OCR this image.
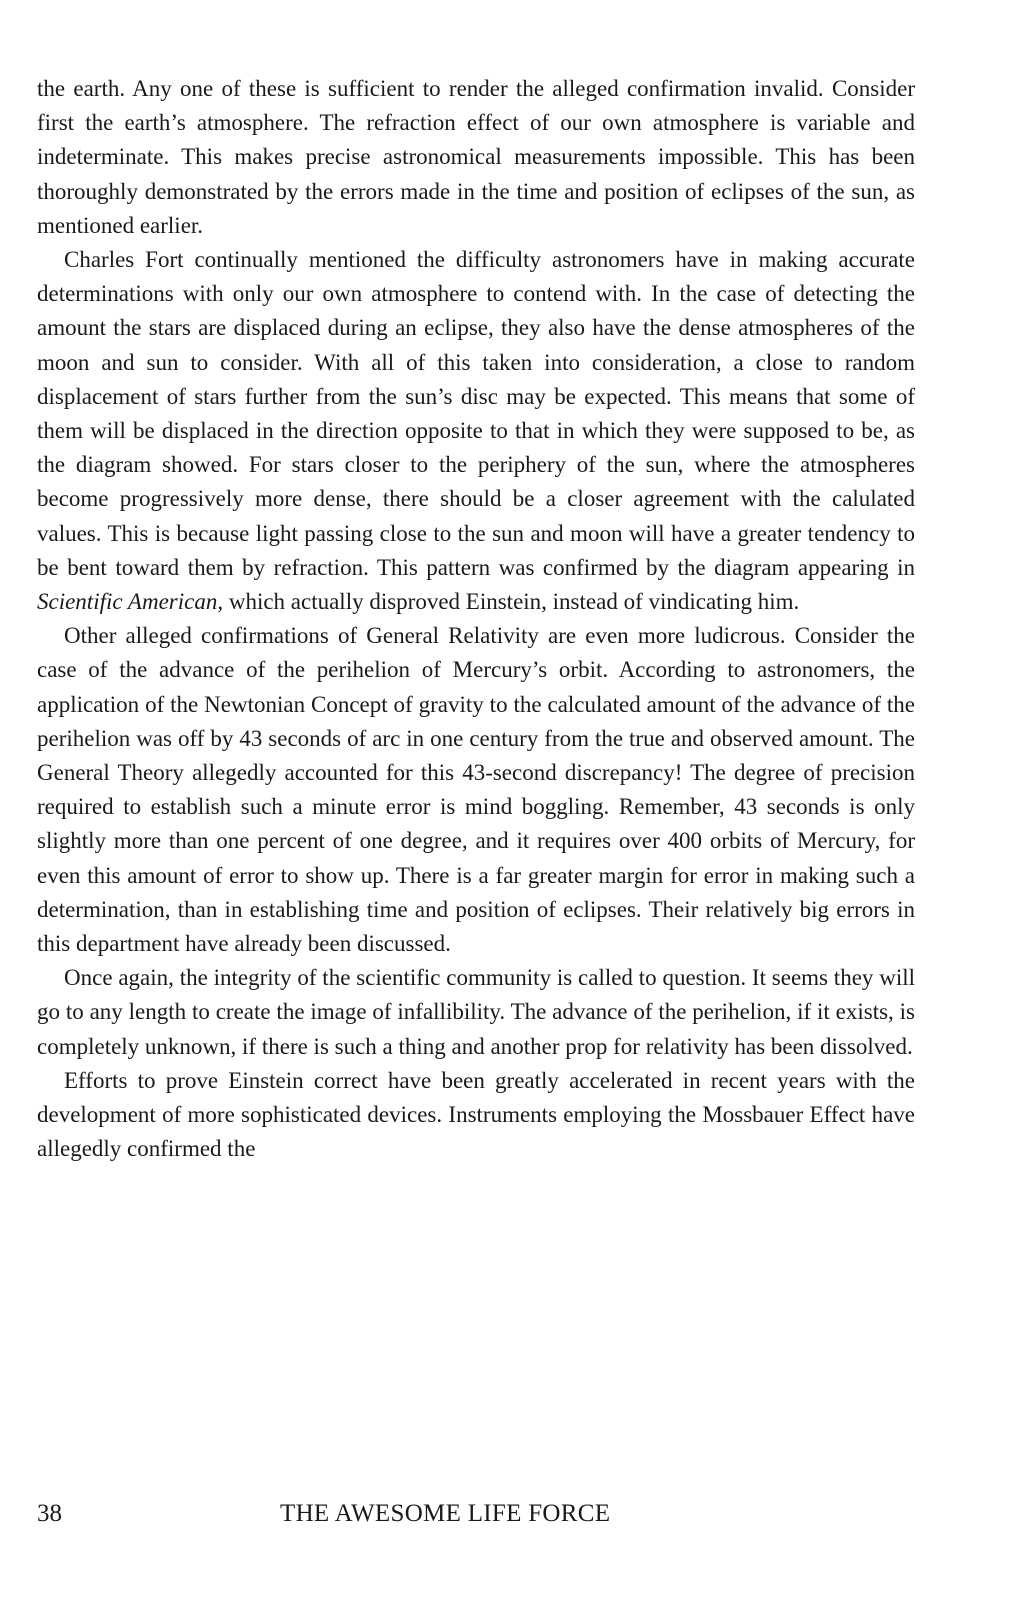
the earth. Any one of these is sufficient to render the alleged confirmation invalid. Consider first the earth’s atmosphere. The refraction effect of our own atmosphere is variable and indeterminate. This makes precise astronomical measurements impossible. This has been thoroughly demonstrated by the errors made in the time and position of eclipses of the sun, as mentioned earlier.

Charles Fort continually mentioned the difficulty astronomers have in making accurate determinations with only our own atmosphere to contend with. In the case of detecting the amount the stars are displaced during an eclipse, they also have the dense atmospheres of the moon and sun to consider. With all of this taken into consideration, a close to random displacement of stars further from the sun’s disc may be expected. This means that some of them will be displaced in the direction opposite to that in which they were supposed to be, as the diagram showed. For stars closer to the periphery of the sun, where the atmospheres become progressively more dense, there should be a closer agreement with the calulated values. This is because light passing close to the sun and moon will have a greater tendency to be bent toward them by refraction. This pattern was confirmed by the diagram appearing in Scientific American, which actually disproved Einstein, instead of vindicating him.

Other alleged confirmations of General Relativity are even more ludicrous. Consider the case of the advance of the perihelion of Mercury’s orbit. According to astronomers, the application of the Newtonian Concept of gravity to the calculated amount of the advance of the perihelion was off by 43 seconds of arc in one century from the true and observed amount. The General Theory allegedly accounted for this 43-second discrepancy! The degree of precision required to establish such a minute error is mind boggling. Remember, 43 seconds is only slightly more than one percent of one degree, and it requires over 400 orbits of Mercury, for even this amount of error to show up. There is a far greater margin for error in making such a determination, than in establishing time and position of eclipses. Their relatively big errors in this department have already been discussed.

Once again, the integrity of the scientific community is called to question. It seems they will go to any length to create the image of infallibility. The advance of the perihelion, if it exists, is completely unknown, if there is such a thing and another prop for relativity has been dissolved.

Efforts to prove Einstein correct have been greatly accelerated in recent years with the development of more sophisticated devices. Instruments employing the Mossbauer Effect have allegedly confirmed the

38	THE AWESOME LIFE FORCE
